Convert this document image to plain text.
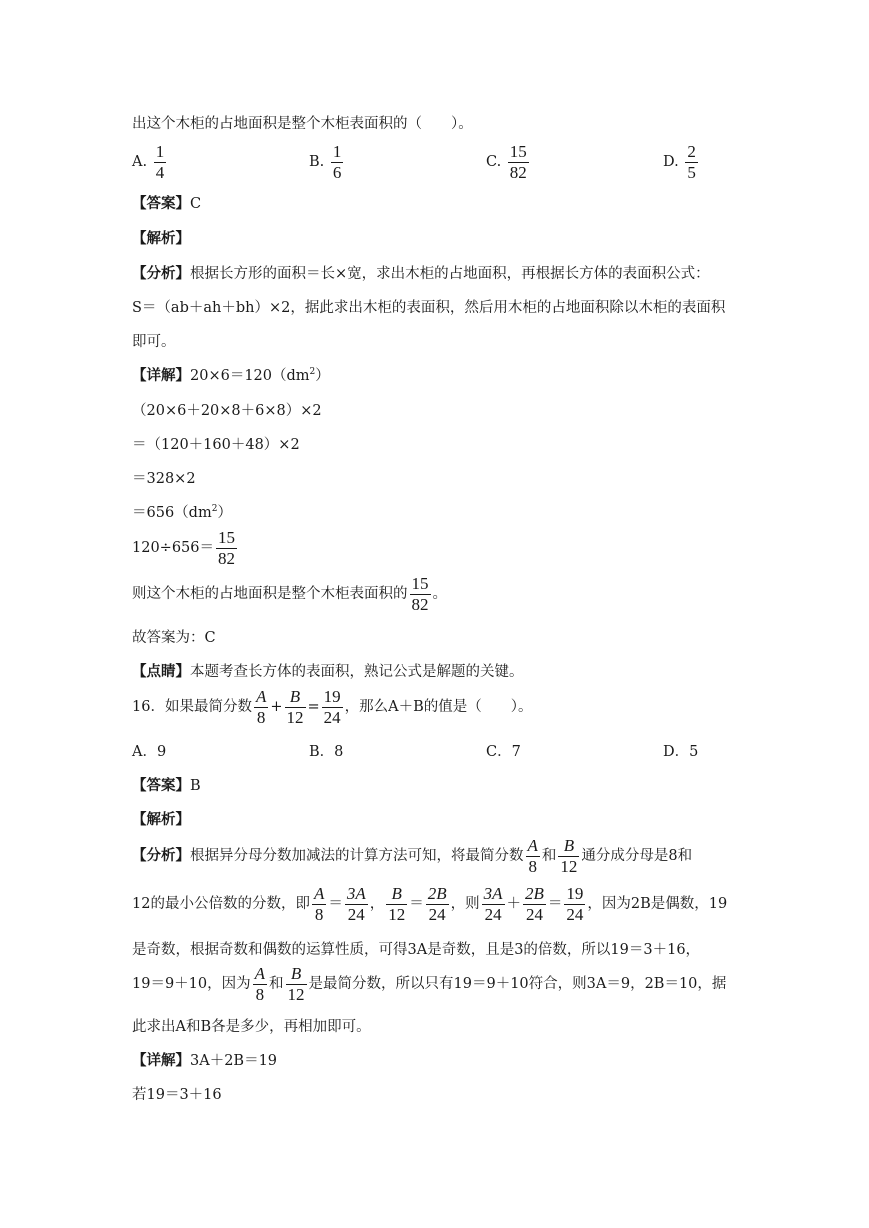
出这个木柜的占地面积是整个木柜表面积的（　　）。
A. $\frac{1}{4}$	B. $\frac{1}{6}$	C. $\frac{15}{82}$	D. $\frac{2}{5}$
【答案】C
【解析】
【分析】根据长方形的面积＝长×宽，求出木柜的占地面积，再根据长方体的表面积公式：
S＝（ab＋ah＋bh）×2，据此求出木柜的表面积，然后用木柜的占地面积除以木柜的表面积
即可。
【详解】$20\times 6=120(dm^2)$
（20×6＋20×8＋6×8）×2
＝（120＋160＋48）×2
＝328×2
$=656(dm^2)$
$120\div 656= \frac{15}{82}$
则这个木柜的占地面积是整个木柜表面积的 $\frac{15}{82}$ 。
故答案为：C
【点睛】本题考查长方体的表面积，熟记公式是解题的关键。
16．如果最简分数 $\frac{A}{8} + \frac{B}{12} = \frac{19}{24}$ ，那么A＋B的值是（　　）。
A．9	B．8	C．7	D．5
【答案】B
【解析】
【分析】根据异分母分数加减法的计算方法可知，将最简分数 $\frac{A}{8}$ 和 $\frac{B}{12}$ 通分成分母是8和
12的最小公倍数的分数，即 $\frac{A}{8} = \frac{3A}{24}$ ， $\frac{B}{12} = \frac{2B}{24}$ ，则 $\frac{3A}{24} + \frac{2B}{24} = \frac{19}{24}$ ，因为2B是偶数，19
是奇数，根据奇数和偶数的运算性质，可得3A是奇数，且是3的倍数，所以19＝3＋16，
19＝9＋10，因为 $\frac{A}{8}$ 和 $\frac{B}{12}$ 是最简分数，所以只有19＝9＋10符合，则3A＝9，2B＝10，据
此求出A和B各是多少，再相加即可。
【详解】3A＋2B＝19
若19＝3＋16
